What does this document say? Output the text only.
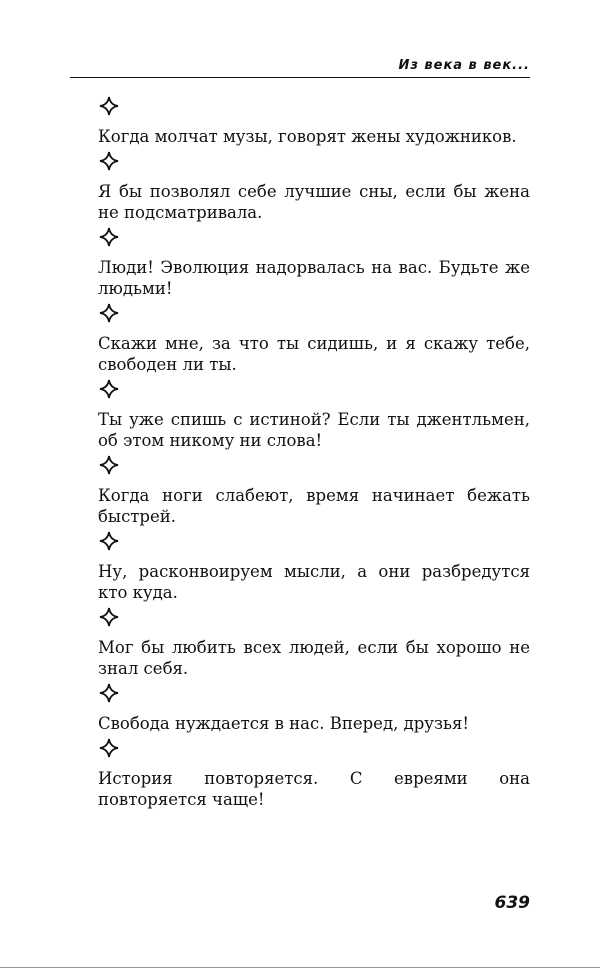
Из века в век...
Когда молчат музы, говорят жены художников.
Я бы позволял себе лучшие сны, если бы жена не подсматривала.
Люди! Эволюция надорвалась на вас. Будьте же людьми!
Скажи мне, за что ты сидишь, и я скажу тебе, свободен ли ты.
Ты уже спишь с истиной? Если ты джентльмен, об этом никому ни слова!
Когда ноги слабеют, время начинает бежать быстрей.
Ну, расконвоируем мысли, а они разбредутся кто куда.
Мог бы любить всех людей, если бы хорошо не знал себя.
Свобода нуждается в нас. Вперед, друзья!
История повторяется. С евреями она повторяется чаще!
639
